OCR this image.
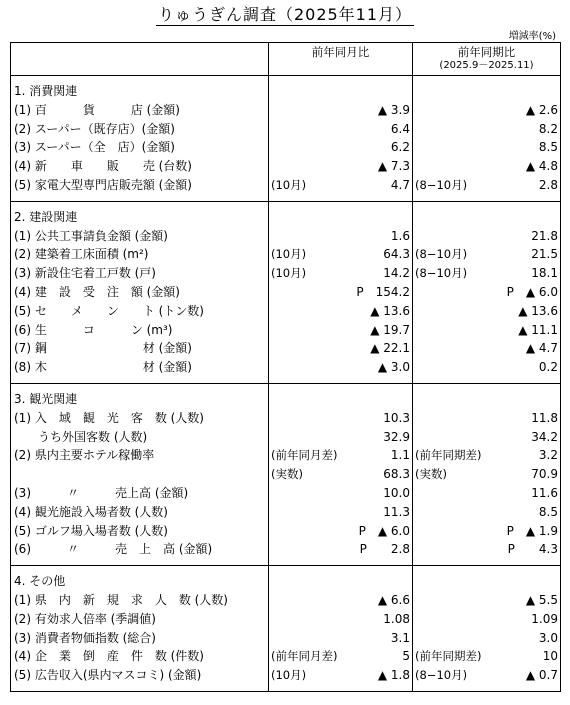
りゅうぎん調査（2025年11月）
増減率(%)
	前年同月比		前年同期比
(2025.9－2025.11)	

1. 消費関連				
(1) 百　　　貨　　　店 (金額)		▲ 3.9		▲ 2.6
(2) スーパー（既存店）(金額)		6.4		8.2
(3) スーパー（全　店）(金額)		6.2		8.5
(4) 新　　車　　販　　売 (台数)		▲ 7.3		▲ 4.8
(5) 家電大型専門店販売額 (金額)	(10月)	4.7	(8−10月)	2.8
2. 建設関連				
(1) 公共工事請負金額 (金額)		1.6		21.8
(2) 建築着工床面積 (m²)	(10月)	64.3	(8−10月)	21.5
(3) 新設住宅着工戸数 (戸)	(10月)	14.2	(8−10月)	18.1
(4) 建　設　受　注　額 (金額)		P　154.2		P　▲ 6.0
(5) セ　　メ　　ン　　ト (トン数)		▲ 13.6		▲ 13.6
(6) 生　　　コ　　　ン (m³)		▲ 19.7		▲ 11.1
(7) 鋼　　　　　　　　材 (金額)		▲ 22.1		▲ 4.7
(8) 木　　　　　　　　材 (金額)		▲ 3.0		0.2
3. 観光関連				
(1) 入　域　観　光　客　数 (人数)		10.3		11.8
　　うち外国客数 (人数)		32.9		34.2
(2) 県内主要ホテル稼働率	(前年同月差)	1.1	(前年同期差)	3.2
	(実数)	68.3	(実数)	70.9
(3)　　　〃　　　売上高 (金額)		10.0		11.6
(4) 観光施設入場者数 (人数)		11.3		8.5
(5) ゴルフ場入場者数 (人数)		P　▲ 6.0		P　▲ 1.9
(6)　　　〃　　　売　上　高 (金額)		P　　2.8		P　　4.3
4. その他				
(1) 県　内　新　規　求　人　数 (人数)		▲ 6.6		▲ 5.5
(2) 有効求人倍率 (季調値)		1.08		1.09
(3) 消費者物価指数 (総合)		3.1		3.0
(4) 企　業　倒　産　件　数 (件数)	(前年同月差)	5	(前年同期差)	10
(5) 広告収入(県内マスコミ) (金額)	(10月)	▲ 1.8	(8−10月)	▲ 0.7
